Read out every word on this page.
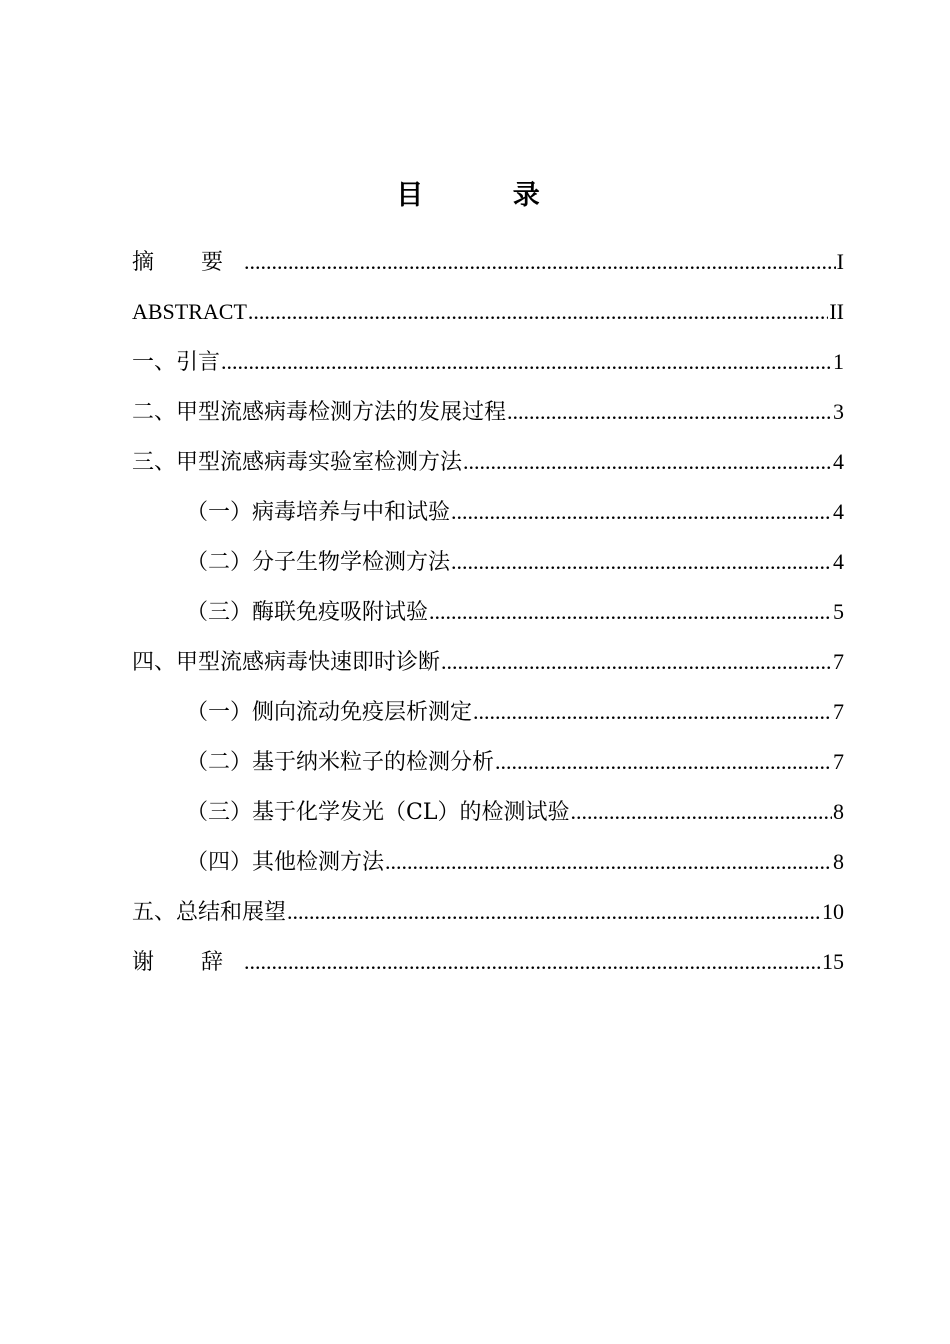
目 录
摘 要 .....	I
ABSTRACT .....	II
一、引言 .....	1
二、甲型流感病毒检测方法的发展过程 .....	3
三、甲型流感病毒实验室检测方法 .....	4
（一）病毒培养与中和试验 .....	4
（二）分子生物学检测方法 .....	4
（三）酶联免疫吸附试验 .....	5
四、甲型流感病毒快速即时诊断 .....	7
（一）侧向流动免疫层析测定 .....	7
（二）基于纳米粒子的检测分析 .....	7
（三）基于化学发光（CL）的检测试验 .....	8
（四）其他检测方法 .....	8
五、总结和展望 .....	10
谢 辞 .....	15
